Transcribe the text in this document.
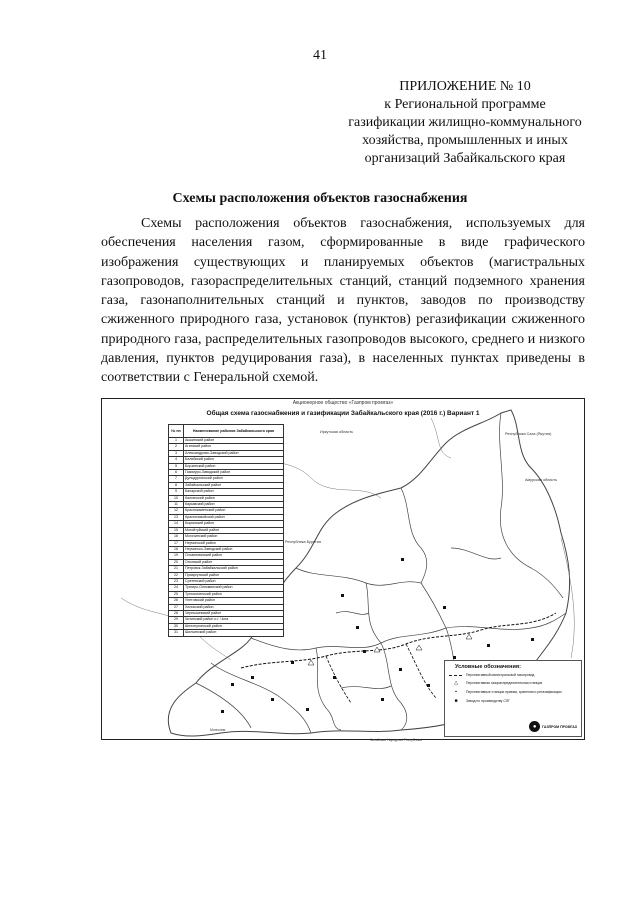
41
ПРИЛОЖЕНИЕ № 10
к Региональной программе
газификации жилищно-коммунального
хозяйства, промышленных и иных
организаций Забайкальского края
Схемы расположения объектов газоснабжения
Схемы расположения объектов газоснабжения, используемых для обеспечения населения газом, сформированные в виде графического изображения существующих и планируемых объектов (магистральных газопроводов, газораспределительных станций, станций подземного хранения газа, газонаполнительных станций и пунктов, заводов по производству сжиженного природного газа, установок (пунктов) регазификации сжиженного природного газа, распределительных газопроводов высокого, среднего и низкого давления, пунктов редуцирования газа), в населенных пунктах приведены в соответствии с Генеральной схемой.
Акционерное общество «Газпром промгаз»
Общая схема газоснабжения и газификации Забайкальского края (2016 г.) Вариант 1
Иркутская область	Республика Саха (Якутия)
Амурская область
Республика Бурятия
Китайская Народная Республика
Монголия
№ пп	Наименование районов Забайкальского края
1	Акшинский район
2	Агинский район
3	Александрово-Заводский район
4	Балейский район
5	Борзинский район
6	Газимуро-Заводский район
7	Дульдургинский район
8	Забайкальский район
9	Каларский район
10	Калганский район
11	Карымский район
12	Краснокаменский район
13	Красночикойский район
14	Кыринский район
15	Могойтуйский район
16	Могочинский район
17	Нерчинский район
18	Нерчинско-Заводский район
19	Оловяннинский район
20	Ононский район
21	Петровск-Забайкальский район
22	Приаргунский район
23	Сретенский район
24	Тунгиро-Олекминский район
25	Тунгокоченский район
26	Улетовский район
27	Хилокский район
28	Чернышевский район
29	Читинский район и г. Чита
30	Шелопугинский район
31	Шилкинский район
Условные обозначения:
Перспективный магистральный газопровод
△	Перспективная газораспределительная станция
▪	Перспективные станции приема, хранения и регазификации
■	Завод по производству СПГ
●	ГАЗПРОМ ПРОМГАЗ
